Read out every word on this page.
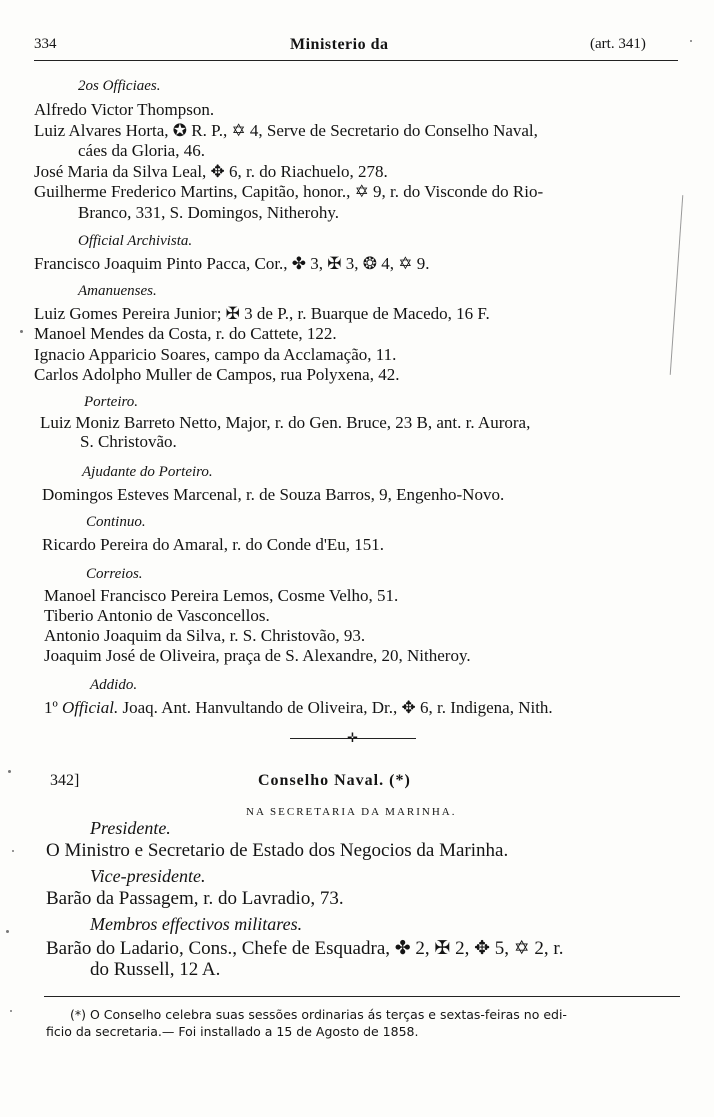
334	Ministerio da	(art. 341)
2os Officiaes.
Alfredo Victor Thompson.
Luiz Alvares Horta, ✪ R. P., ✡ 4, Serve de Secretario do Conselho Naval,
cáes da Gloria, 46.
José Maria da Silva Leal, ✥ 6, r. do Riachuelo, 278.
Guilherme Frederico Martins, Capitão, honor., ✡ 9, r. do Visconde do Rio-
Branco, 331, S. Domingos, Nitherohy.
Official Archivista.
Francisco Joaquim Pinto Pacca, Cor., ✤ 3, ✠ 3, ❂ 4, ✡ 9.
Amanuenses.
Luiz Gomes Pereira Junior; ✠ 3 de P., r. Buarque de Macedo, 16 F.
Manoel Mendes da Costa, r. do Cattete, 122.
Ignacio Apparicio Soares, campo da Acclamação, 11.
Carlos Adolpho Muller de Campos, rua Polyxena, 42.
Porteiro.
Luiz Moniz Barreto Netto, Major, r. do Gen. Bruce, 23 B, ant. r. Aurora,
S. Christovão.
Ajudante do Porteiro.
Domingos Esteves Marcenal, r. de Souza Barros, 9, Engenho-Novo.
Continuo.
Ricardo Pereira do Amaral, r. do Conde d'Eu, 151.
Correios.
Manoel Francisco Pereira Lemos, Cosme Velho, 51.
Tiberio Antonio de Vasconcellos.
Antonio Joaquim da Silva, r. S. Christovão, 93.
Joaquim José de Oliveira, praça de S. Alexandre, 20, Nitheroy.
Addido.
1º Official. Joaq. Ant. Hanvultando de Oliveira, Dr., ✥ 6, r. Indigena, Nith.
✛
342]	Conselho Naval. (*)
NA SECRETARIA DA MARINHA.
Presidente.
O Ministro e Secretario de Estado dos Negocios da Marinha.
Vice-presidente.
Barão da Passagem, r. do Lavradio, 73.
Membros effectivos militares.
Barão do Ladario, Cons., Chefe de Esquadra, ✤ 2, ✠ 2, ✥ 5, ✡ 2, r.
do Russell, 12 A.
(*) O Conselho celebra suas sessões ordinarias ás terças e sextas-feiras no edi-
ficio da secretaria.— Foi installado a 15 de Agosto de 1858.
